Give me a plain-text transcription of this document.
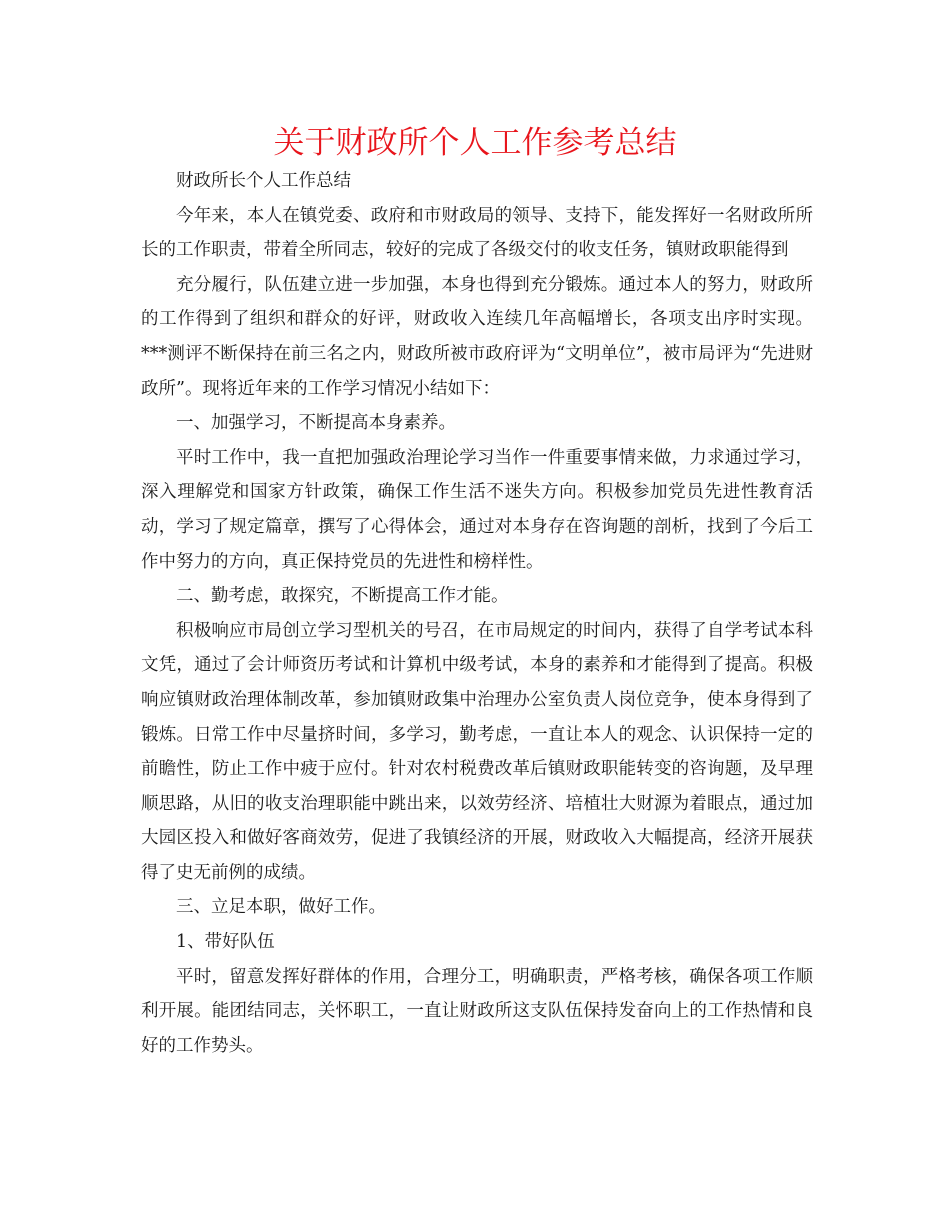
关于财政所个人工作参考总结

财政所长个人工作总结

今年来，本人在镇党委、政府和市财政局的领导、支持下，能发挥好一名财政所所长的工作职责，带着全所同志，较好的完成了各级交付的收支任务，镇财政职能得到

充分履行，队伍建立进一步加强，本身也得到充分锻炼。通过本人的努力，财政所的工作得到了组织和群众的好评，财政收入连续几年高幅增长，各项支出序时实现。***测评不断保持在前三名之内，财政所被市政府评为“文明单位”，被市局评为“先进财政所”。现将近年来的工作学习情况小结如下：

一、加强学习，不断提高本身素养。

平时工作中，我一直把加强政治理论学习当作一件重要事情来做，力求通过学习，深入理解党和国家方针政策，确保工作生活不迷失方向。积极参加党员先进性教育活动，学习了规定篇章，撰写了心得体会，通过对本身存在咨询题的剖析，找到了今后工作中努力的方向，真正保持党员的先进性和榜样性。

二、勤考虑，敢探究，不断提高工作才能。

积极响应市局创立学习型机关的号召，在市局规定的时间内，获得了自学考试本科文凭，通过了会计师资历考试和计算机中级考试，本身的素养和才能得到了提高。积极响应镇财政治理体制改革，参加镇财政集中治理办公室负责人岗位竞争，使本身得到了锻炼。日常工作中尽量挤时间，多学习，勤考虑，一直让本人的观念、认识保持一定的前瞻性，防止工作中疲于应付。针对农村税费改革后镇财政职能转变的咨询题，及早理顺思路，从旧的收支治理职能中跳出来，以效劳经济、培植壮大财源为着眼点，通过加大园区投入和做好客商效劳，促进了我镇经济的开展，财政收入大幅提高，经济开展获得了史无前例的成绩。

三、立足本职，做好工作。

1、带好队伍

平时，留意发挥好群体的作用，合理分工，明确职责，严格考核，确保各项工作顺利开展。能团结同志，关怀职工，一直让财政所这支队伍保持发奋向上的工作热情和良好的工作势头。
